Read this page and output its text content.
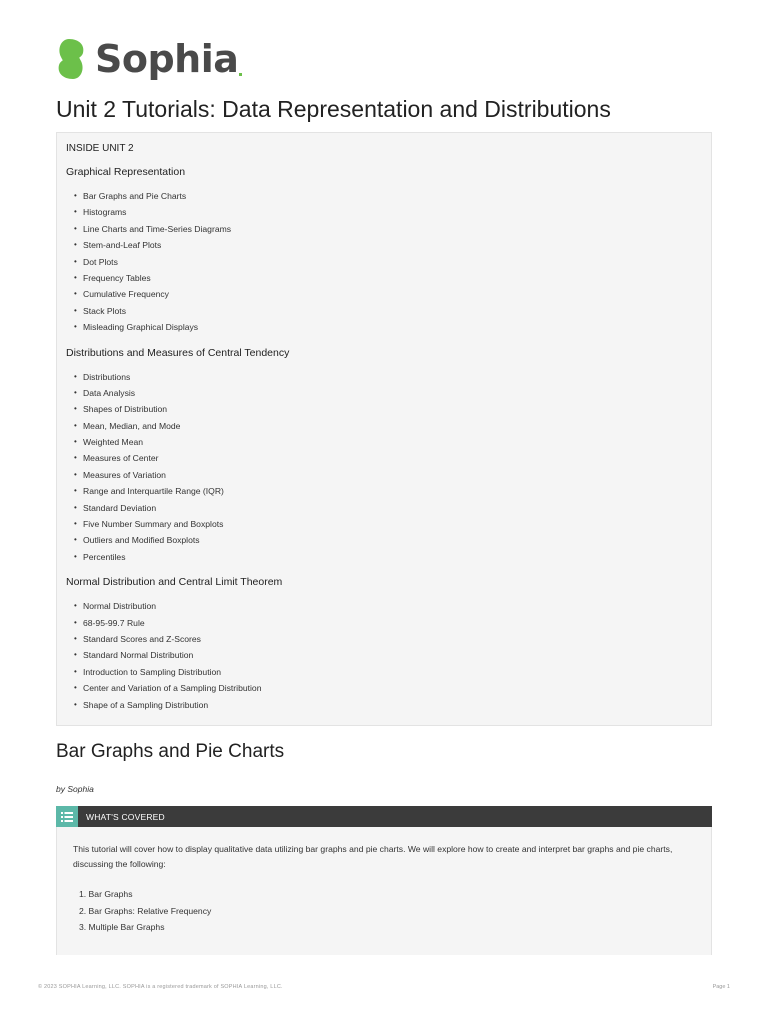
Sophia
Unit 2 Tutorials: Data Representation and Distributions
INSIDE UNIT 2
Graphical Representation
• Bar Graphs and Pie Charts
• Histograms
• Line Charts and Time-Series Diagrams
• Stem-and-Leaf Plots
• Dot Plots
• Frequency Tables
• Cumulative Frequency
• Stack Plots
• Misleading Graphical Displays
Distributions and Measures of Central Tendency
• Distributions
• Data Analysis
• Shapes of Distribution
• Mean, Median, and Mode
• Weighted Mean
• Measures of Center
• Measures of Variation
• Range and Interquartile Range (IQR)
• Standard Deviation
• Five Number Summary and Boxplots
• Outliers and Modified Boxplots
• Percentiles
Normal Distribution and Central Limit Theorem
• Normal Distribution
• 68-95-99.7 Rule
• Standard Scores and Z-Scores
• Standard Normal Distribution
• Introduction to Sampling Distribution
• Center and Variation of a Sampling Distribution
• Shape of a Sampling Distribution
Bar Graphs and Pie Charts
by Sophia
WHAT'S COVERED

This tutorial will cover how to display qualitative data utilizing bar graphs and pie charts. We will explore how to create and interpret bar graphs and pie charts, discussing the following:

1. Bar Graphs
2. Bar Graphs: Relative Frequency
3. Multiple Bar Graphs
© 2023 SOPHIA Learning, LLC. SOPHIA is a registered trademark of SOPHIA Learning, LLC.	Page 1
